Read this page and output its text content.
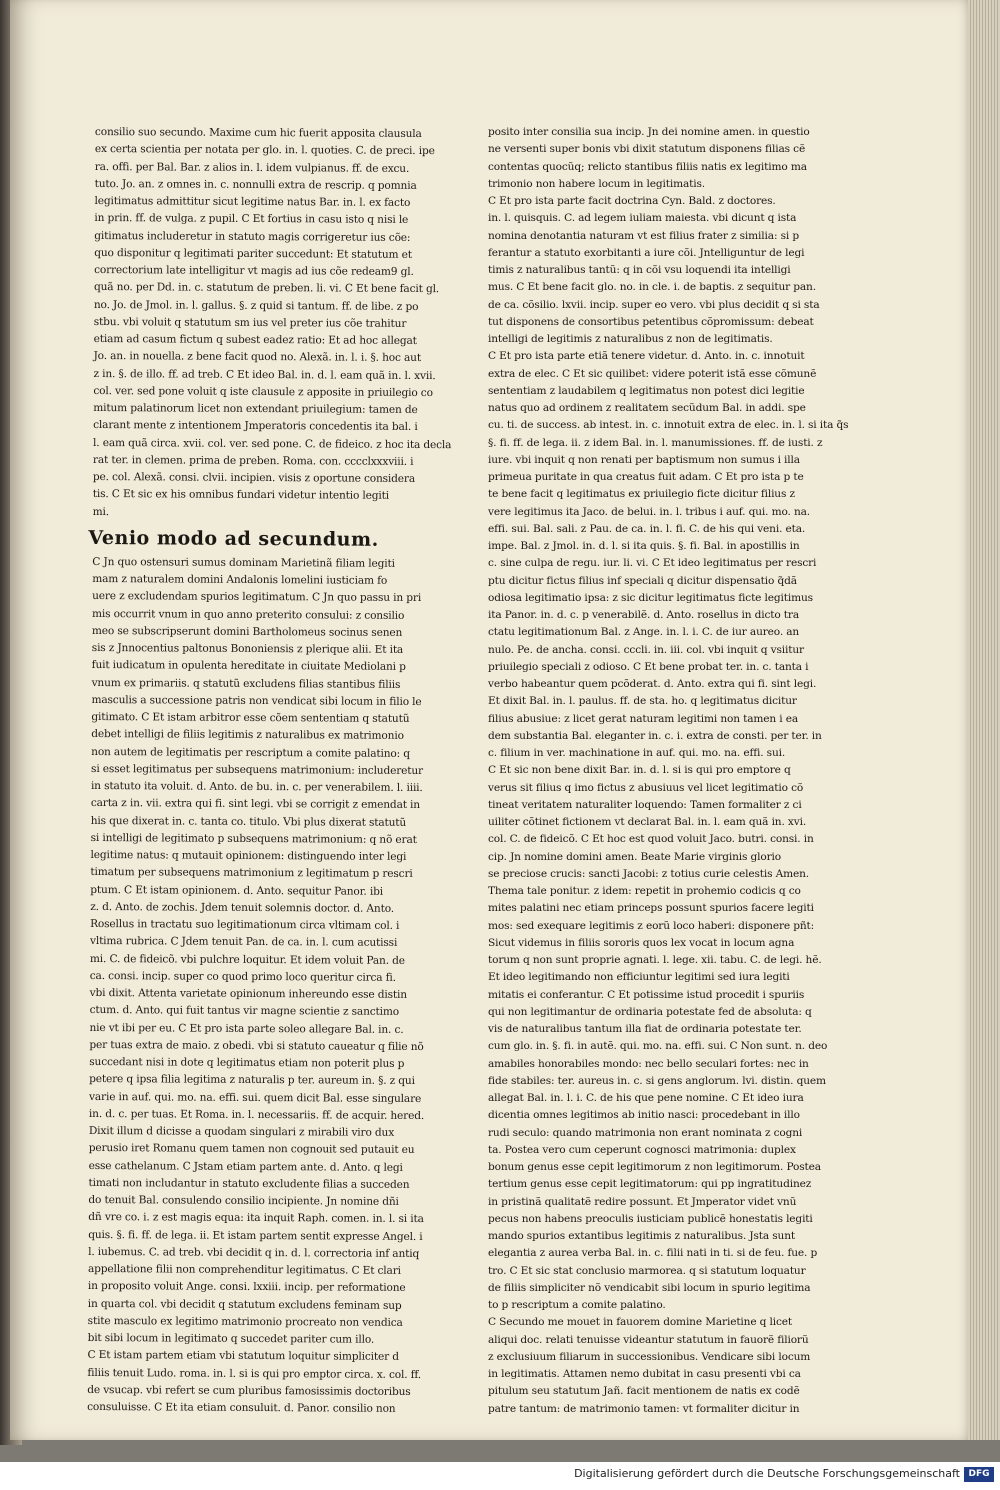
consilio suo secundo. Maxime cum hic fuerit apposita clausula
ex certa scientia per notata per glo. in. l. quoties. C. de preci. ipe
ra. offi. per Bal. Bar. z alios in. l. idem vulpianus. ff. de excu.
tuto. Jo. an. z omnes in. c. nonnulli extra de rescrip. q pomnia
legitimatus admittitur sicut legitime natus Bar. in. l. ex facto
in prin. ff. de vulga. z pupil. C Et fortius in casu isto q nisi le
gitimatus includeretur in statuto magis corrigeretur ius cõe:
quo disponitur q legitimati pariter succedunt: Et statutum et
correctorium late intelligitur vt magis ad ius cõe redeam9 gl.
quã no. per Dd. in. c. statutum de preben. li. vi. C Et bene facit gl.
no. Jo. de Jmol. in. l. gallus. §. z quid si tantum. ff. de libe. z po
stbu. vbi voluit q statutum sm ius vel preter ius cõe trahitur
etiam ad casum fictum q subest eadez ratio: Et ad hoc allegat
Jo. an. in nouella. z bene facit quod no. Alexã. in. l. i. §. hoc aut
z in. §. de illo. ff. ad treb. C Et ideo Bal. in. d. l. eam quã in. l. xvii.
col. ver. sed pone voluit q iste clausule z apposite in priuilegio co
mitum palatinorum licet non extendant priuilegium: tamen de
clarant mente z intentionem Jmperatoris concedentis ita bal. i
l. eam quã circa. xvii. col. ver. sed pone. C. de fideico. z hoc ita decla
rat ter. in clemen. prima de preben. Roma. con. cccclxxxviii. i
pe. col. Alexã. consi. clvii. incipien. visis z oportune considera
tis. C Et sic ex his omnibus fundari videtur intentio legiti
mi.
Venio modo ad secundum.
C Jn quo ostensuri sumus dominam Marietinã filiam legiti
mam z naturalem domini Andalonis lomelini iusticiam fo
uere z excludendam spurios legitimatum. C Jn quo passu in pri
mis occurrit vnum in quo anno preterito consului: z consilio
meo se subscripserunt domini Bartholomeus socinus senen
sis z Jnnocentius paltonus Bononiensis z plerique alii. Et ita
fuit iudicatum in opulenta hereditate in ciuitate Mediolani p
vnum ex primariis. q statutũ excludens filias stantibus filiis
masculis a successione patris non vendicat sibi locum in filio le
gitimato. C Et istam arbitror esse cõem sententiam q statutũ
debet intelligi de filiis legitimis z naturalibus ex matrimonio
non autem de legitimatis per rescriptum a comite palatino: q
si esset legitimatus per subsequens matrimonium: includeretur
in statuto ita voluit. d. Anto. de bu. in. c. per venerabilem. l. iiii.
carta z in. vii. extra qui fi. sint legi. vbi se corrigit z emendat in
his que dixerat in. c. tanta co. titulo. Vbi plus dixerat statutũ
si intelligi de legitimato p subsequens matrimonium: q nõ erat
legitime natus: q mutauit opinionem: distinguendo inter legi
timatum per subsequens matrimonium z legitimatum p rescri
ptum. C Et istam opinionem. d. Anto. sequitur Panor. ibi
z. d. Anto. de zochis. Jdem tenuit solemnis doctor. d. Anto.
Rosellus in tractatu suo legitimationum circa vltimam col. i
vltima rubrica. C Jdem tenuit Pan. de ca. in. l. cum acutissi
mi. C. de fideicõ. vbi pulchre loquitur. Et idem voluit Pan. de
ca. consi. incip. super co quod primo loco queritur circa fi.
vbi dixit. Attenta varietate opinionum inhereundo esse distin
ctum. d. Anto. qui fuit tantus vir magne scientie z sanctimo
nie vt ibi per eu. C Et pro ista parte soleo allegare Bal. in. c.
per tuas extra de maio. z obedi. vbi si statuto caueatur q filie nõ
succedant nisi in dote q legitimatus etiam non poterit plus p
petere q ipsa filia legitima z naturalis p ter. aureum in. §. z qui
varie in auf. qui. mo. na. effi. sui. quem dicit Bal. esse singulare
in. d. c. per tuas. Et Roma. in. l. necessariis. ff. de acquir. hered.
Dixit illum d dicisse a quodam singulari z mirabili viro dux
perusio iret Romanu quem tamen non cognouit sed putauit eu
esse cathelanum. C Jstam etiam partem ante. d. Anto. q legi
timati non includantur in statuto excludente filias a succeden
do tenuit Bal. consulendo consilio incipiente. Jn nomine dñi
dñ vre co. i. z est magis equa: ita inquit Raph. comen. in. l. si ita
quis. §. fi. ff. de lega. ii. Et istam partem sentit expresse Angel. i
l. iubemus. C. ad treb. vbi decidit q in. d. l. correctoria inf antiq
appellatione filii non comprehenditur legitimatus. C Et clari
in proposito voluit Ange. consi. lxxiii. incip. per reformatione
in quarta col. vbi decidit q statutum excludens feminam sup
stite masculo ex legitimo matrimonio procreato non vendica
bit sibi locum in legitimato q succedet pariter cum illo.
C Et istam partem etiam vbi statutum loquitur simpliciter d
filiis tenuit Ludo. roma. in. l. si is qui pro emptor circa. x. col. ff.
de vsucap. vbi refert se cum pluribus famosissimis doctoribus
consuluisse. C Et ita etiam consuluit. d. Panor. consilio non
posito inter consilia sua incip. Jn dei nomine amen. in questio
ne versenti super bonis vbi dixit statutum disponens filias cẽ
contentas quocũq; relicto stantibus filiis natis ex legitimo ma
trimonio non habere locum in legitimatis.
C Et pro ista parte facit doctrina Cyn. Bald. z doctores.
in. l. quisquis. C. ad legem iuliam maiesta. vbi dicunt q ista
nomina denotantia naturam vt est filius frater z similia: si p
ferantur a statuto exorbitanti a iure cõi. Jntelliguntur de legi
timis z naturalibus tantũ: q in cõi vsu loquendi ita intelligi
mus. C Et bene facit glo. no. in cle. i. de baptis. z sequitur pan.
de ca. cõsilio. lxvii. incip. super eo vero. vbi plus decidit q si sta
tut disponens de consortibus petentibus cõpromissum: debeat
intelligi de legitimis z naturalibus z non de legitimatis.
C Et pro ista parte etiã tenere videtur. d. Anto. in. c. innotuit
extra de elec. C Et sic quilibet: videre poterit istã esse cõmunẽ
sententiam z laudabilem q legitimatus non potest dici legitie
natus quo ad ordinem z realitatem secũdum Bal. in addi. spe
cu. ti. de success. ab intest. in. c. innotuit extra de elec. in. l. si ita q̃s
§. fi. ff. de lega. ii. z idem Bal. in. l. manumissiones. ff. de iusti. z
iure. vbi inquit q non renati per baptismum non sumus i illa
primeua puritate in qua creatus fuit adam. C Et pro ista p te
te bene facit q legitimatus ex priuilegio ficte dicitur filius z
vere legitimus ita Jaco. de belui. in. l. tribus i auf. qui. mo. na.
effi. sui. Bal. sali. z Pau. de ca. in. l. fi. C. de his qui veni. eta.
impe. Bal. z Jmol. in. d. l. si ita quis. §. fi. Bal. in apostillis in
c. sine culpa de regu. iur. li. vi. C Et ideo legitimatus per rescri
ptu dicitur fictus filius inf speciali q dicitur dispensatio q̃dã
odiosa legitimatio ipsa: z sic dicitur legitimatus ficte legitimus
ita Panor. in. d. c. p venerabilẽ. d. Anto. rosellus in dicto tra
ctatu legitimationum Bal. z Ange. in. l. i. C. de iur aureo. an
nulo. Pe. de ancha. consi. cccli. in. iii. col. vbi inquit q vsiitur
priuilegio speciali z odioso. C Et bene probat ter. in. c. tanta i
verbo habeantur quem pcõderat. d. Anto. extra qui fi. sint legi.
Et dixit Bal. in. l. paulus. ff. de sta. ho. q legitimatus dicitur
filius abusiue: z licet gerat naturam legitimi non tamen i ea
dem substantia Bal. eleganter in. c. i. extra de consti. per ter. in
c. filium in ver. machinatione in auf. qui. mo. na. effi. sui.
C Et sic non bene dixit Bar. in. d. l. si is qui pro emptore q
verus sit filius q imo fictus z abusiuus vel licet legitimatio cõ
tineat veritatem naturaliter loquendo: Tamen formaliter z ci
uiliter cõtinet fictionem vt declarat Bal. in. l. eam quã in. xvi.
col. C. de fideicõ. C Et hoc est quod voluit Jaco. butri. consi. in
cip. Jn nomine domini amen. Beate Marie virginis glorio
se preciose crucis: sancti Jacobi: z totius curie celestis Amen.
Thema tale ponitur. z idem: repetit in prohemio codicis q co
mites palatini nec etiam princeps possunt spurios facere legiti
mos: sed exequare legitimis z eorũ loco haberi: disponere pñt:
Sicut videmus in filiis sororis quos lex vocat in locum agna
torum q non sunt proprie agnati. l. lege. xii. tabu. C. de legi. hẽ.
Et ideo legitimando non efficiuntur legitimi sed iura legiti
mitatis ei conferantur. C Et potissime istud procedit i spuriis
qui non legitimantur de ordinaria potestate fed de absoluta: q
vis de naturalibus tantum illa fiat de ordinaria potestate ter.
cum glo. in. §. fi. in autẽ. qui. mo. na. effi. sui. C Non sunt. n. deo
amabiles honorabiles mondo: nec bello seculari fortes: nec in
fide stabiles: ter. aureus in. c. si gens anglorum. lvi. distin. quem
allegat Bal. in. l. i. C. de his que pene nomine. C Et ideo iura
dicentia omnes legitimos ab initio nasci: procedebant in illo
rudi seculo: quando matrimonia non erant nominata z cogni
ta. Postea vero cum ceperunt cognosci matrimonia: duplex
bonum genus esse cepit legitimorum z non legitimorum. Postea
tertium genus esse cepit legitimatorum: qui pp ingratitudinez
in pristinã qualitatẽ redire possunt. Et Jmperator videt vnũ
pecus non habens preoculis iusticiam publicẽ honestatis legiti
mando spurios extantibus legitimis z naturalibus. Jsta sunt
elegantia z aurea verba Bal. in. c. filii nati in ti. si de feu. fue. p
tro. C Et sic stat conclusio marmorea. q si statutum loquatur
de filiis simpliciter nõ vendicabit sibi locum in spurio legitima
to p rescriptum a comite palatino.
C Secundo me mouet in fauorem domine Marietine q licet
aliqui doc. relati tenuisse videantur statutum in fauorẽ filiorũ
z exclusiuum filiarum in successionibus. Vendicare sibi locum
in legitimatis. Attamen nemo dubitat in casu presenti vbi ca
pitulum seu statutum Jañ. facit mentionem de natis ex codẽ
patre tantum: de matrimonio tamen: vt formaliter dicitur in
Digitalisierung gefördert durch die Deutsche Forschungsgemeinschaft DFG
